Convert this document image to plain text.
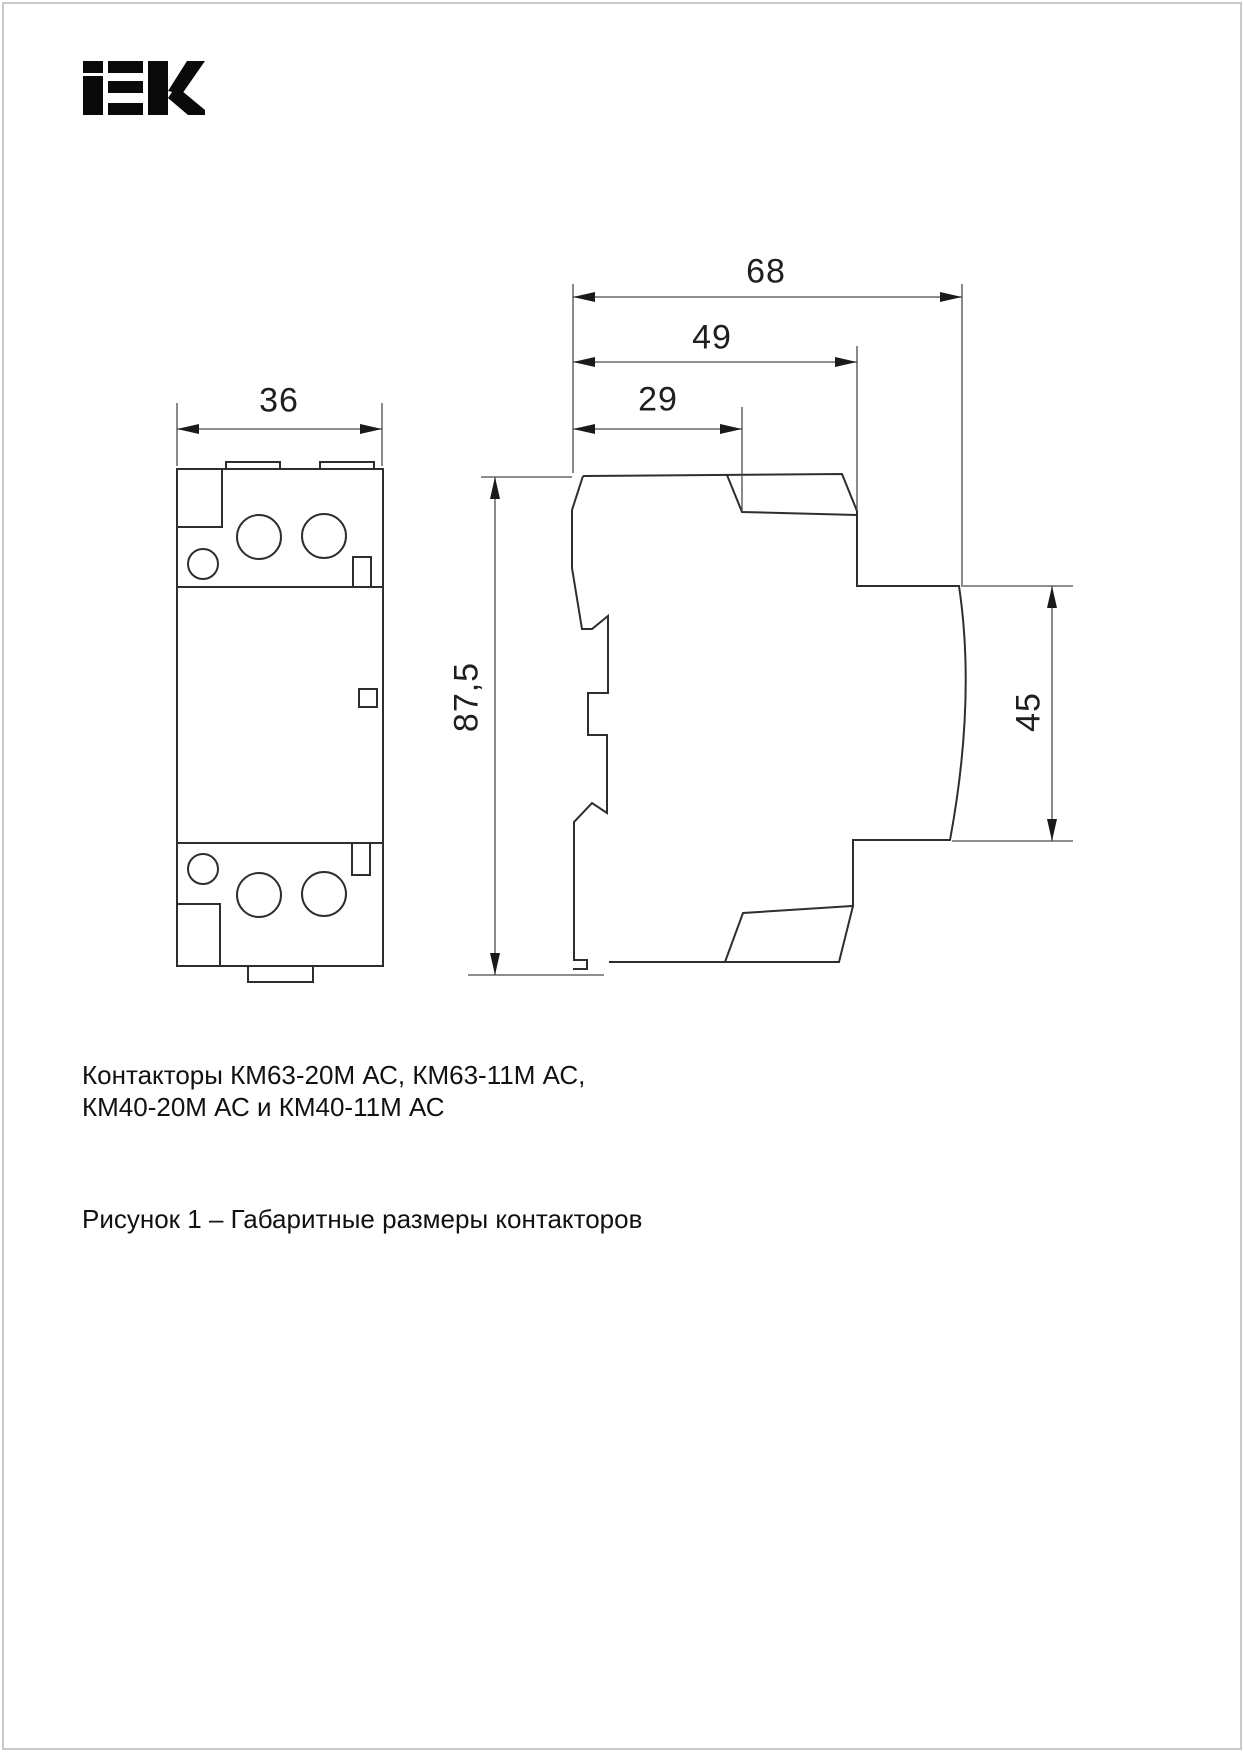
36
68
49
29
87,5	45
Контакторы КМ63-20М АС, КМ63-11М АС,
КМ40-20М АС и КМ40-11М АС
Рисунок 1 – Габаритные размеры контакторов
